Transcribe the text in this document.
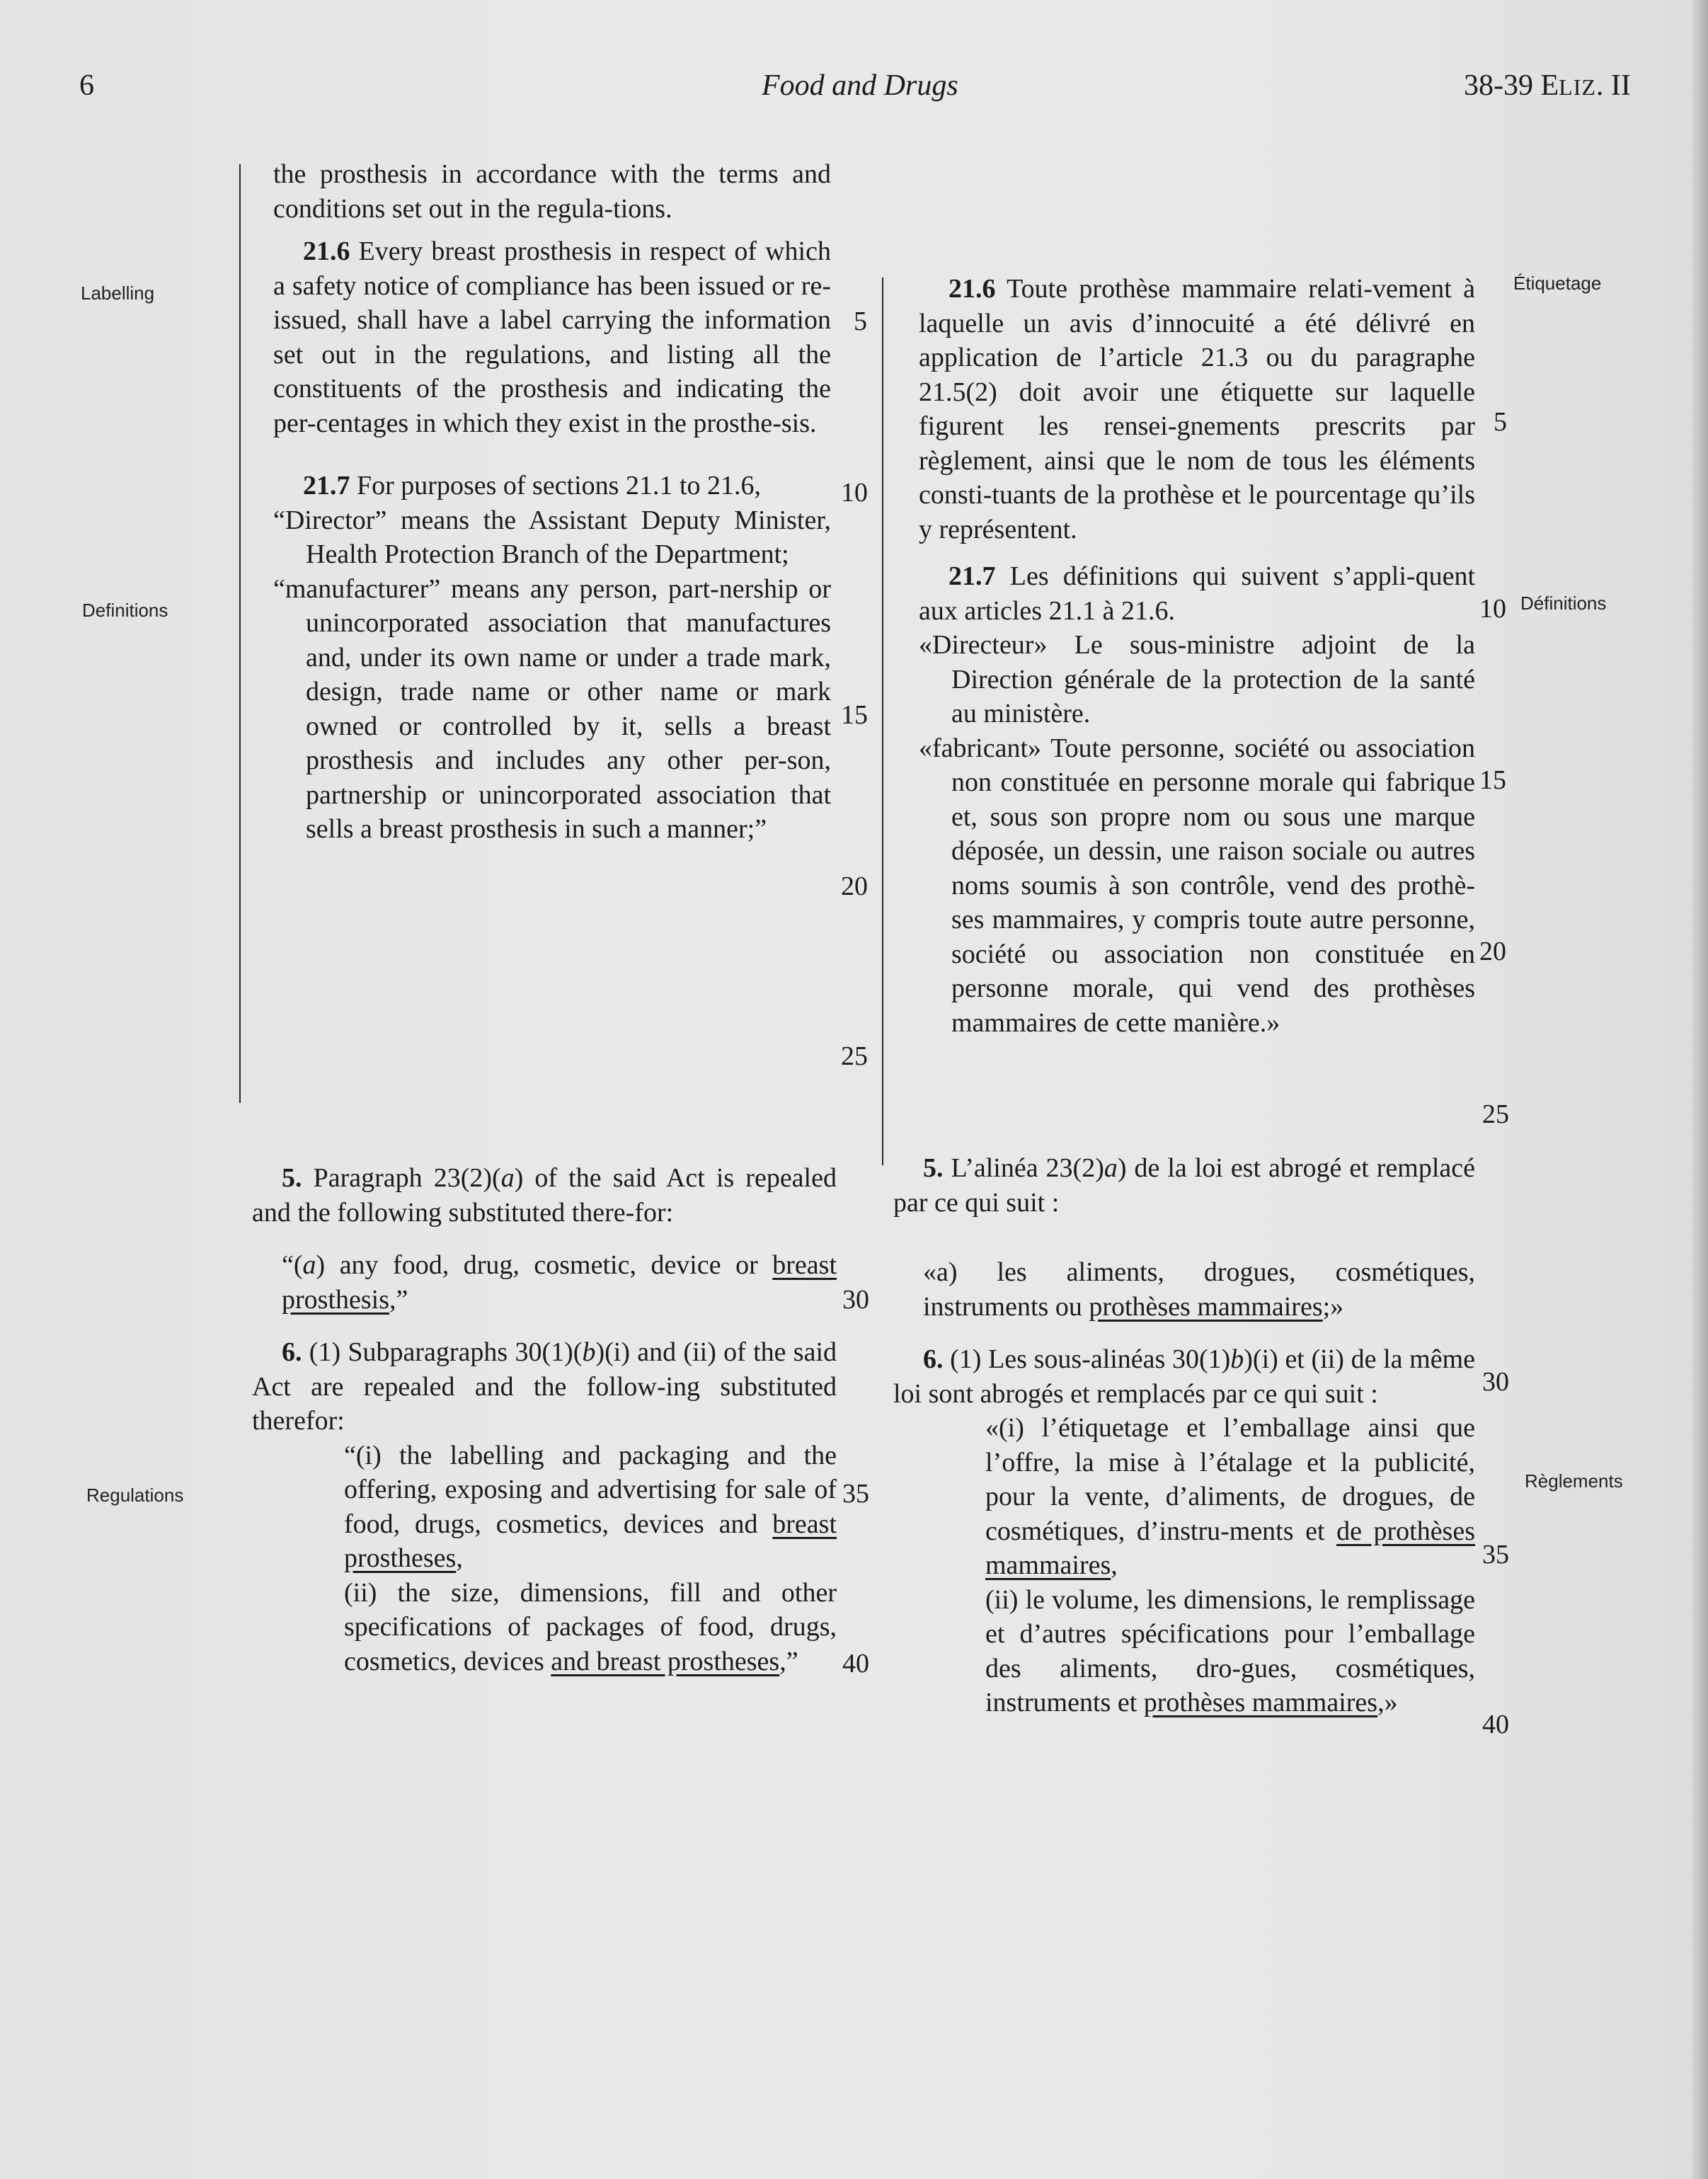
6	Food and Drugs	38-39 ELIZ. II
Labelling
Definitions
Regulations
Étiquetage
Définitions
Règlements

the prosthesis in accordance with the terms and conditions set out in the regula-tions.

21.6 Every breast prosthesis in respect of which a safety notice of compliance has been issued or re-issued, shall have a label carrying the information set out in the regulations, and listing all the constituents of the prosthesis and indicating the per-centages in which they exist in the prosthe-sis.

21.7 For purposes of sections 21.1 to 21.6,

“Director” means the Assistant Deputy Minister, Health Protection Branch of the Department;

“manufacturer” means any person, part-nership or unincorporated association that manufactures and, under its own name or under a trade mark, design, trade name or other name or mark owned or controlled by it, sells a breast prosthesis and includes any other per-son, partnership or unincorporated association that sells a breast prosthesis in such a manner;”

5. Paragraph 23(2)(a) of the said Act is repealed and the following substituted there-for:

“(a) any food, drug, cosmetic, device or breast prosthesis,”

6. (1) Subparagraphs 30(1)(b)(i) and (ii) of the said Act are repealed and the follow-ing substituted therefor:

“(i) the labelling and packaging and the offering, exposing and advertising for sale of food, drugs, cosmetics, devices and breast prostheses,

(ii) the size, dimensions, fill and other specifications of packages of food, drugs, cosmetics, devices and breast prostheses,”

5
10
15
20
25
30
35
40

21.6 Toute prothèse mammaire relati-vement à laquelle un avis d’innocuité a été délivré en application de l’article 21.3 ou du paragraphe 21.5(2) doit avoir une étiquette sur laquelle figurent les rensei-gnements prescrits par règlement, ainsi que le nom de tous les éléments consti-tuants de la prothèse et le pourcentage qu’ils y représentent.

21.7 Les définitions qui suivent s’appli-quent aux articles 21.1 à 21.6.

«Directeur» Le sous-ministre adjoint de la Direction générale de la protection de la santé au ministère.

«fabricant» Toute personne, société ou association non constituée en personne morale qui fabrique et, sous son propre nom ou sous une marque déposée, un dessin, une raison sociale ou autres noms soumis à son contrôle, vend des prothè-ses mammaires, y compris toute autre personne, société ou association non constituée en personne morale, qui vend des prothèses mammaires de cette manière.»

5. L’alinéa 23(2)a) de la loi est abrogé et remplacé par ce qui suit :

«a) les aliments, drogues, cosmétiques, instruments ou prothèses mammaires;»

6. (1) Les sous-alinéas 30(1)b)(i) et (ii) de la même loi sont abrogés et remplacés par ce qui suit :

«(i) l’étiquetage et l’emballage ainsi que l’offre, la mise à l’étalage et la publicité, pour la vente, d’aliments, de drogues, de cosmétiques, d’instru-ments et de prothèses mammaires,

(ii) le volume, les dimensions, le remplissage et d’autres spécifications pour l’emballage des aliments, dro-gues, cosmétiques, instruments et prothèses mammaires,»

5
10
15
20
25
30
35
40
